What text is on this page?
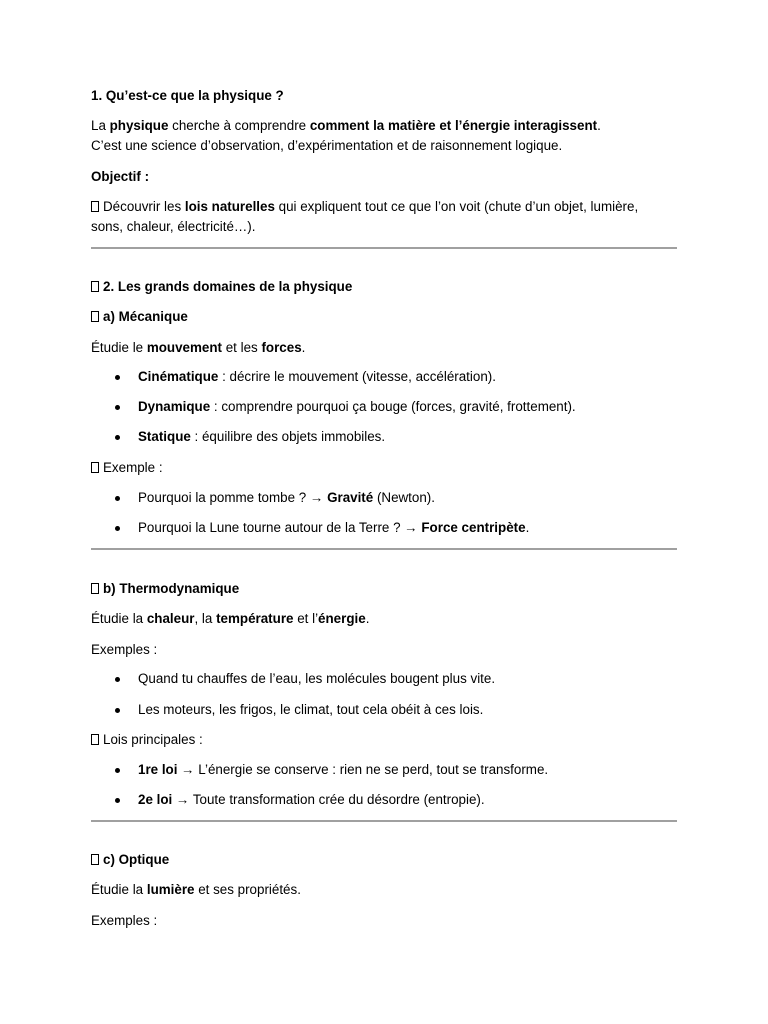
1. Qu’est-ce que la physique ?
La physique cherche à comprendre comment la matière et l’énergie interagissent.
C’est une science d’observation, d’expérimentation et de raisonnement logique.
Objectif :
Découvrir les lois naturelles qui expliquent tout ce que l’on voit (chute d’un objet, lumière,
sons, chaleur, électricité…).
2. Les grands domaines de la physique
a) Mécanique
Étudie le mouvement et les forces.
Cinématique : décrire le mouvement (vitesse, accélération).
Dynamique : comprendre pourquoi ça bouge (forces, gravité, frottement).
Statique : équilibre des objets immobiles.
Exemple :
Pourquoi la pomme tombe ? → Gravité (Newton).
Pourquoi la Lune tourne autour de la Terre ? → Force centripète.
b) Thermodynamique
Étudie la chaleur, la température et l’énergie.
Exemples :
Quand tu chauffes de l’eau, les molécules bougent plus vite.
Les moteurs, les frigos, le climat, tout cela obéit à ces lois.
Lois principales :
1re loi → L’énergie se conserve : rien ne se perd, tout se transforme.
2e loi → Toute transformation crée du désordre (entropie).
c) Optique
Étudie la lumière et ses propriétés.
Exemples :
